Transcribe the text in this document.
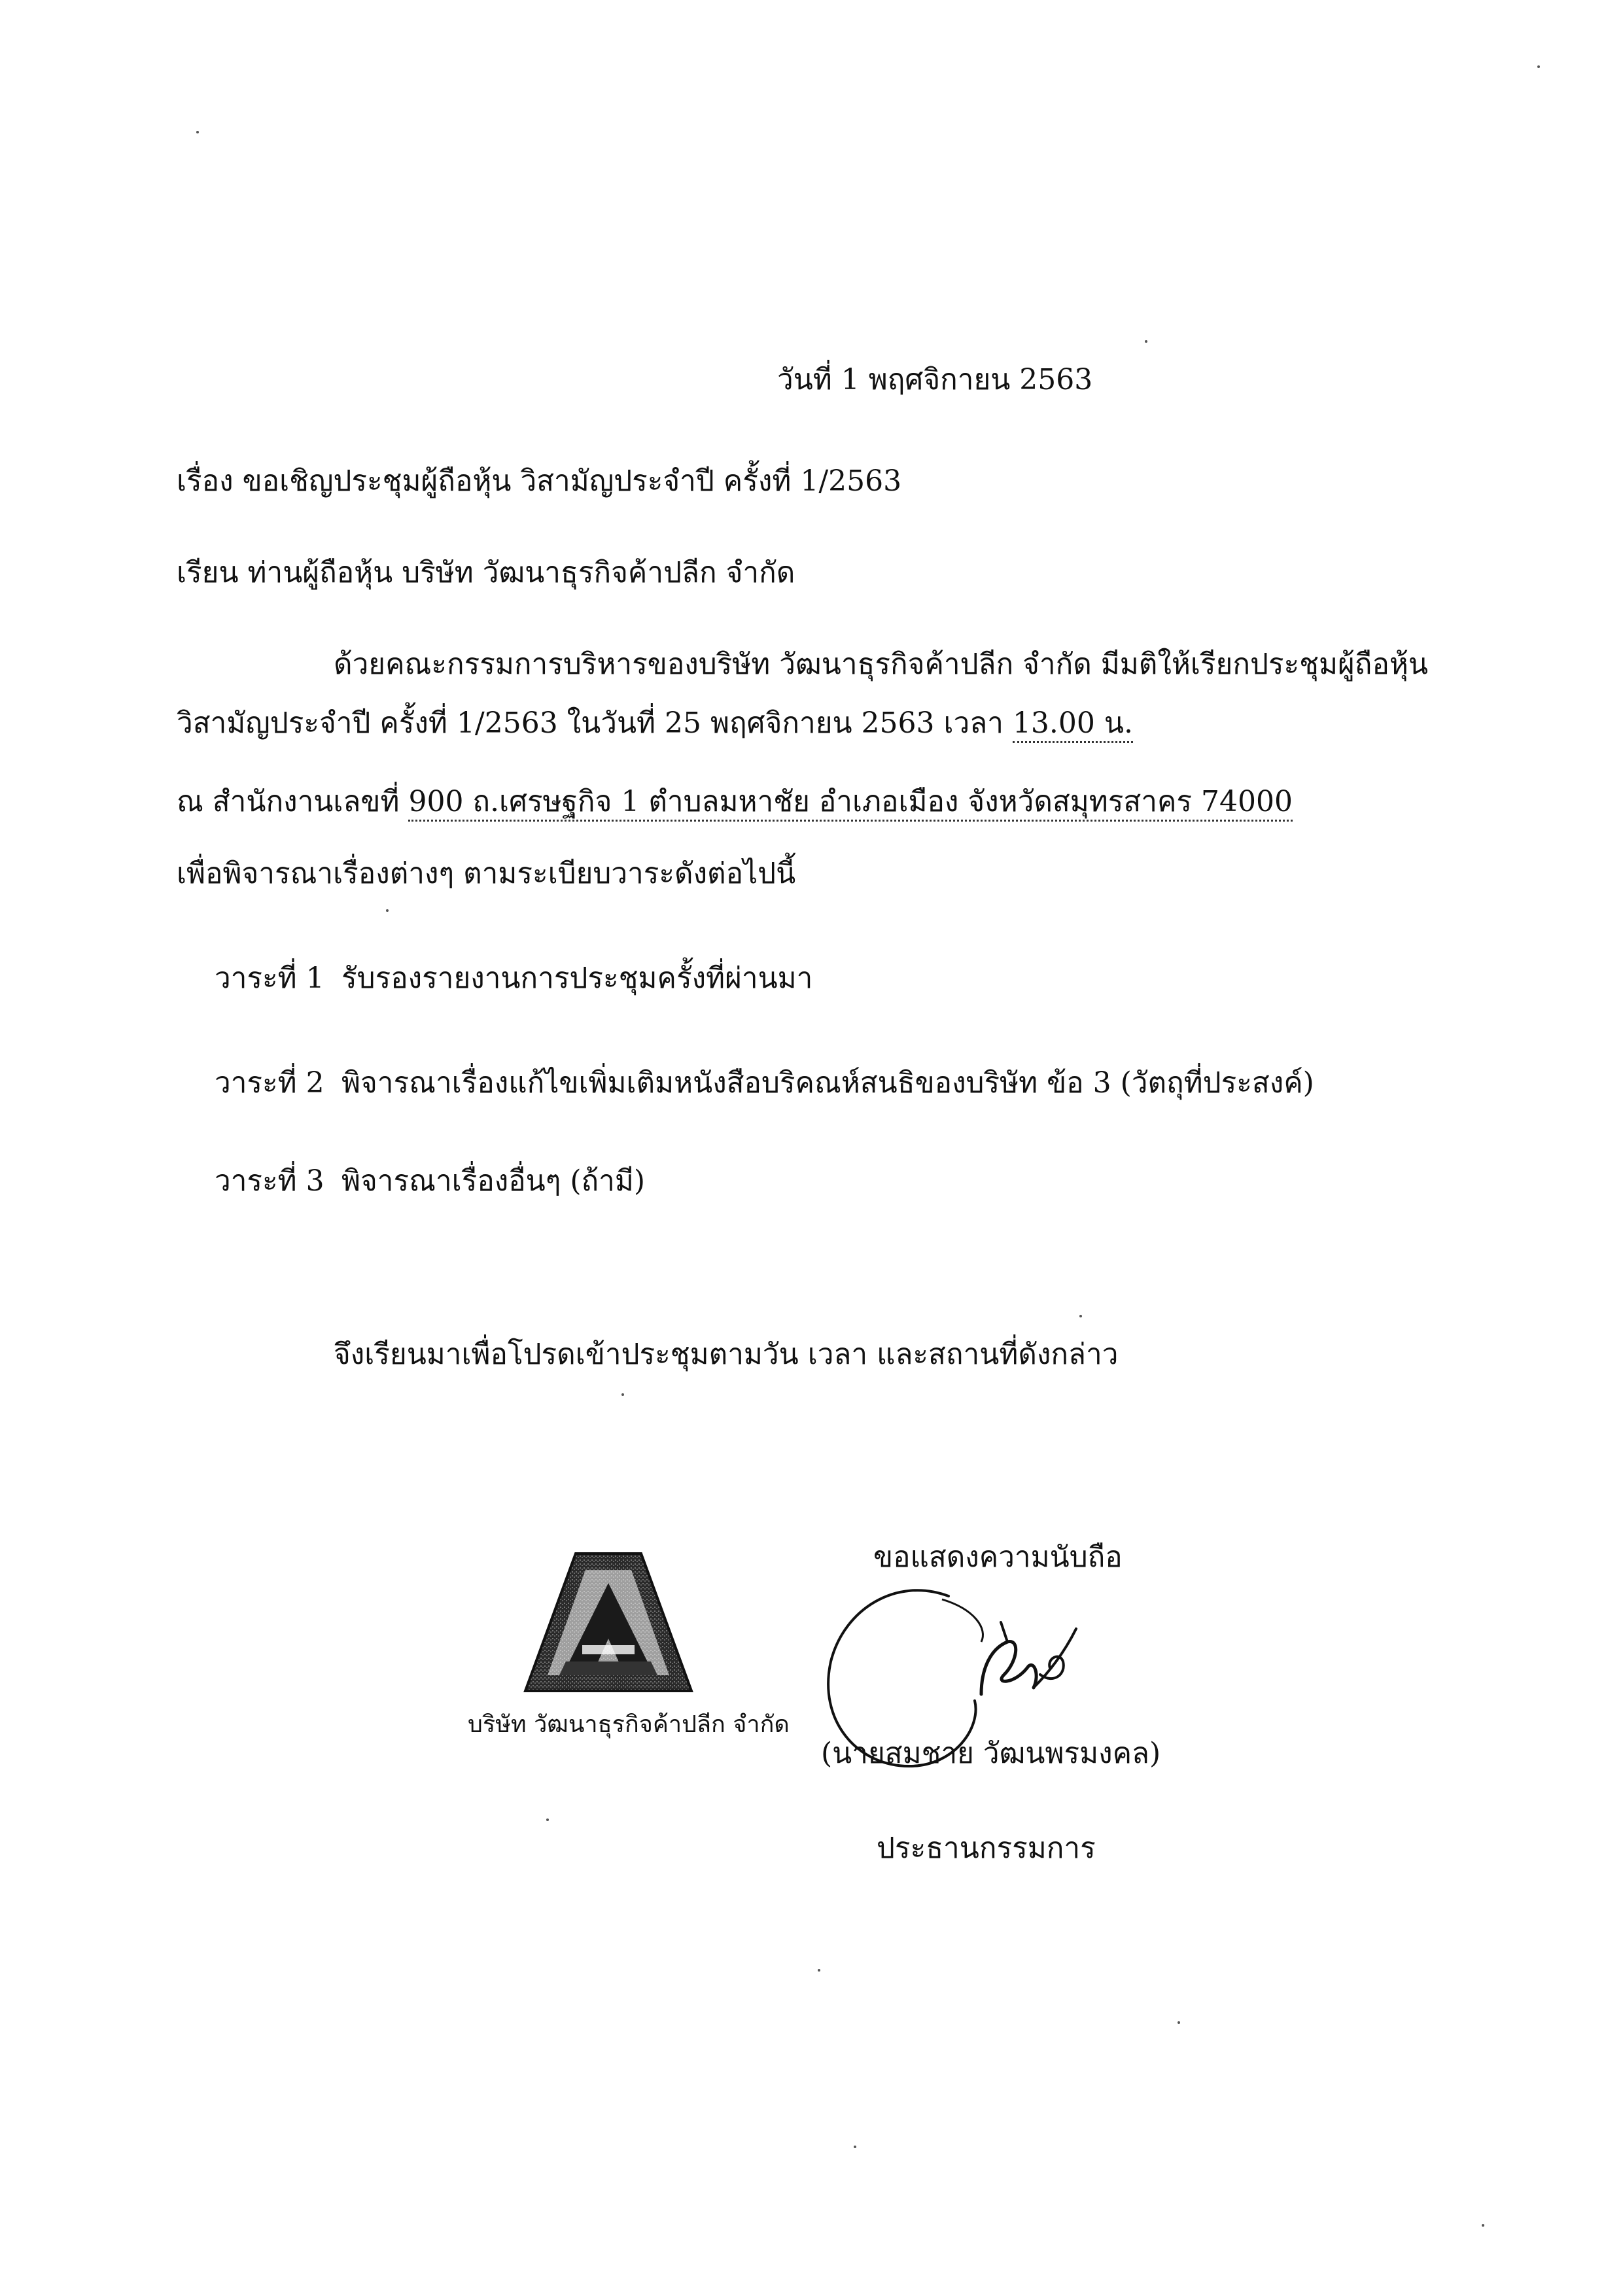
วันที่ 1 พฤศจิกายน 2563
เรื่อง ขอเชิญประชุมผู้ถือหุ้น วิสามัญประจำปี ครั้งที่ 1/2563
เรียน ท่านผู้ถือหุ้น บริษัท วัฒนาธุรกิจค้าปลีก จำกัด
ด้วยคณะกรรมการบริหารของบริษัท วัฒนาธุรกิจค้าปลีก จำกัด มีมติให้เรียกประชุมผู้ถือหุ้น
วิสามัญประจำปี ครั้งที่ 1/2563 ในวันที่ 25 พฤศจิกายน 2563 เวลา 13.00 น.
ณ สำนักงานเลขที่ 900 ถ.เศรษฐกิจ 1 ตำบลมหาชัย อำเภอเมือง จังหวัดสมุทรสาคร 74000
เพื่อพิจารณาเรื่องต่างๆ ตามระเบียบวาระดังต่อไปนี้
วาระที่ 1 รับรองรายงานการประชุมครั้งที่ผ่านมา
วาระที่ 2 พิจารณาเรื่องแก้ไขเพิ่มเติมหนังสือบริคณห์สนธิของบริษัท ข้อ 3 (วัตถุที่ประสงค์)
วาระที่ 3 พิจารณาเรื่องอื่นๆ (ถ้ามี)
จึงเรียนมาเพื่อโปรดเข้าประชุมตามวัน เวลา และสถานที่ดังกล่าว
ขอแสดงความนับถือ
บริษัท วัฒนาธุรกิจค้าปลีก จำกัด
(นายสมชาย วัฒนพรมงคล)
ประธานกรรมการ
